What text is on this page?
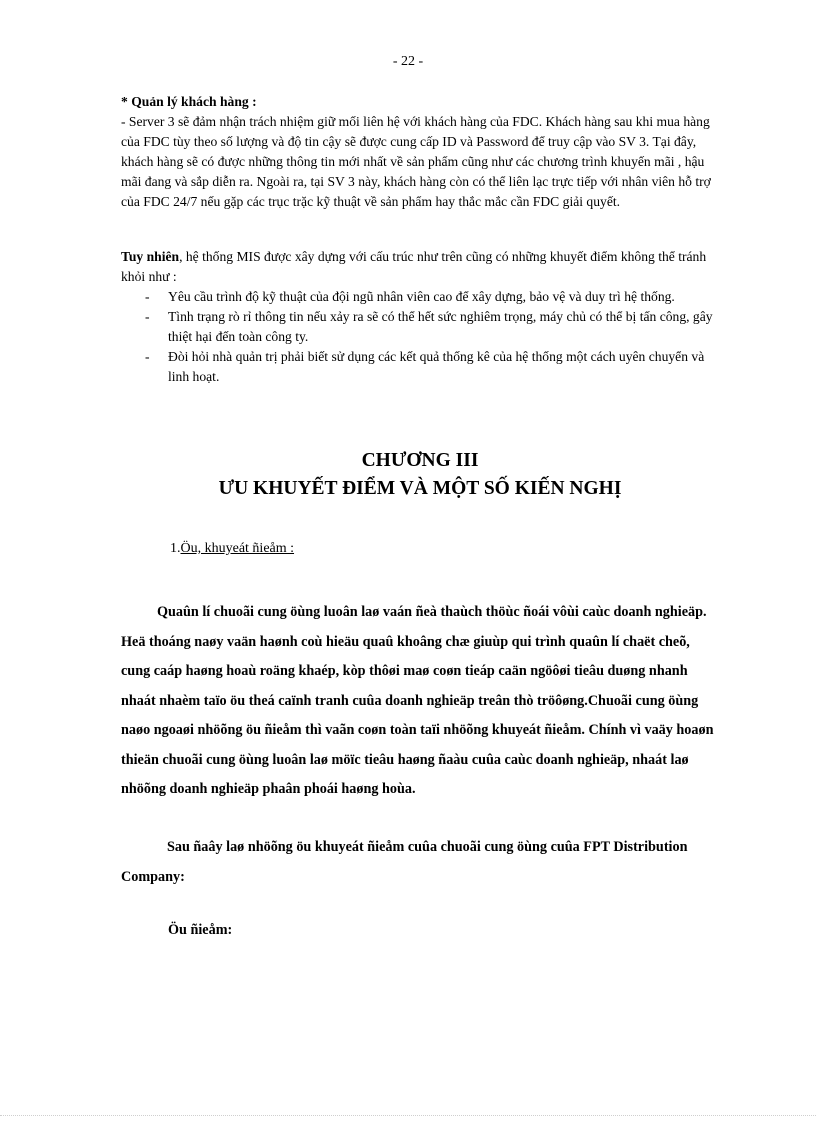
- 22 -

* Quản lý khách hàng :

- Server 3 sẽ đảm nhận trách nhiệm giữ mối liên hệ với khách hàng của FDC. Khách hàng sau khi mua hàng của FDC tùy theo số lượng và độ tin cậy sẽ được cung cấp ID và Password để truy cập vào SV 3. Tại đây, khách hàng sẽ có được những thông tin mới nhất về sản phẩm cũng như các chương trình khuyến mãi , hậu mãi đang và sắp diễn ra. Ngoài ra, tại SV 3 này, khách hàng còn có thể liên lạc trực tiếp với nhân viên hỗ trợ của FDC 24/7 nếu gặp các trục trặc kỹ thuật về sản phẩm hay thắc mắc cần FDC giải quyết.

Tuy nhiên, hệ thống MIS được xây dựng với cấu trúc như trên cũng có những khuyết điểm không thể tránh khỏi như :

- Yêu cầu trình độ kỹ thuật của đội ngũ nhân viên cao để xây dựng, bảo vệ và duy trì hệ thống.
- Tình trạng rò rỉ thông tin nếu xảy ra sẽ có thể hết sức nghiêm trọng, máy chủ có thể bị tấn công, gây thiệt hại đến toàn công ty.
- Đòi hỏi nhà quản trị phải biết sử dụng các kết quả thống kê của hệ thống một cách uyên chuyển và linh hoạt.
CHƯƠNG III
ƯU KHUYẾT ĐIỂM VÀ MỘT SỐ KIẾN NGHỊ
1.Öu, khuyeát ñieåm :

Quaûn lí chuoãi cung öùng luoân laø vaán ñeà thaùch thöùc ñoái vôùi caùc doanh nghieäp. Heä thoáng naøy vaän haønh coù hieäu quaû khoâng chæ giuùp qui trình quaûn lí chaët cheõ, cung caáp haøng hoaù roäng khaép, kòp thôøi maø coøn tieáp caän ngöôøi tieâu duøng nhanh nhaát nhaèm taïo öu theá caïnh tranh cuûa doanh nghieäp treân thò tröôøng.Chuoãi cung öùng naøo ngoaøi nhöõng öu ñieåm thì vaãn coøn toàn taïi nhöõng khuyeát ñieåm. Chính vì vaäy hoaøn thieän chuoãi cung öùng luoân laø möïc tieâu haøng ñaàu cuûa caùc doanh nghieäp, nhaát laø nhöõng doanh nghieäp phaân phoái haøng hoùa.

Sau ñaây laø nhöõng öu khuyeát ñieåm cuûa chuoãi cung öùng cuûa FPT Distribution Company:

Öu ñieåm:
